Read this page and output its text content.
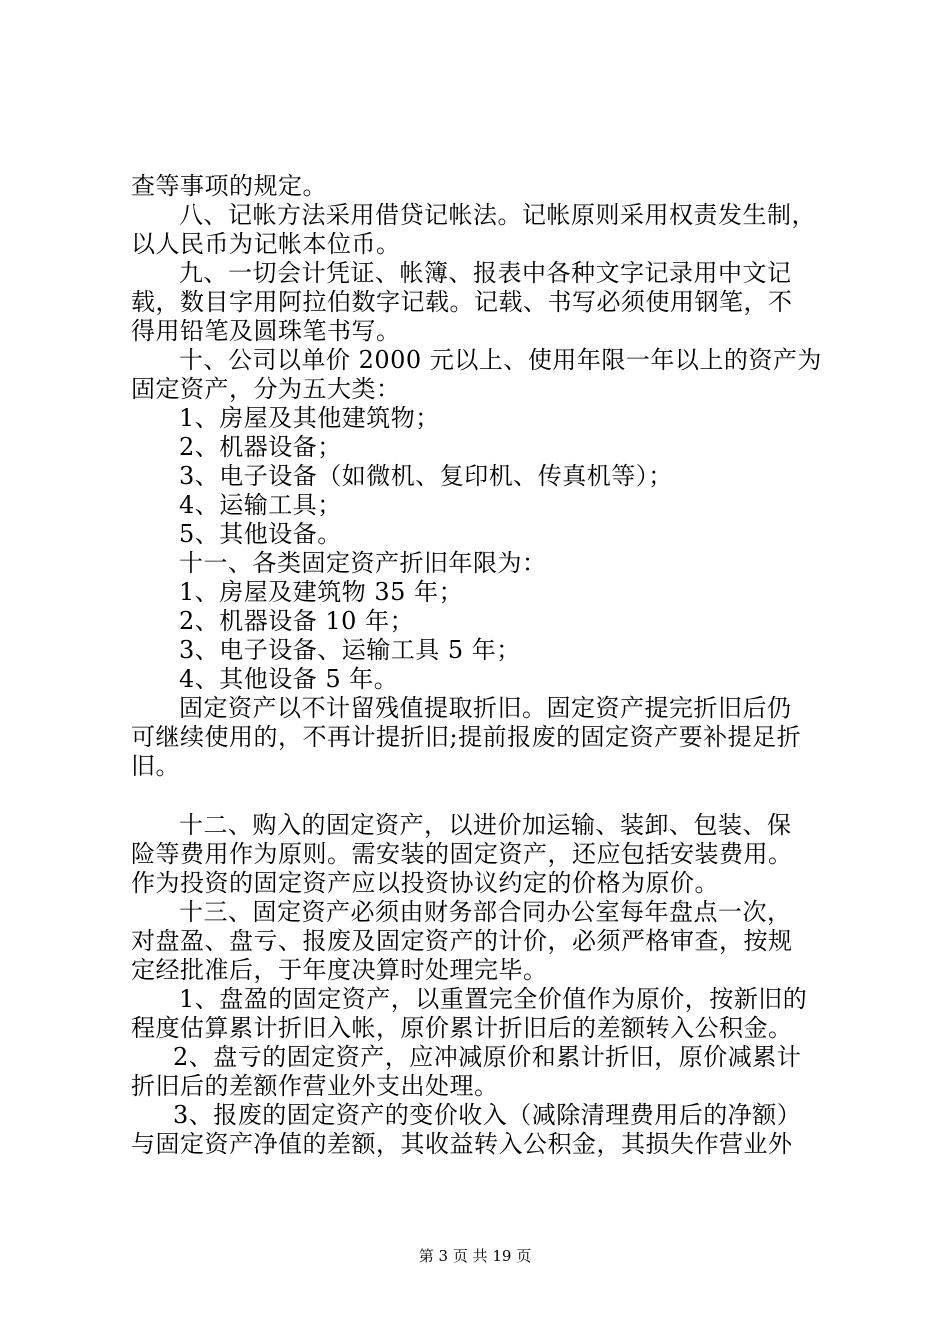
查等事项的规定。
八、记帐方法采用借贷记帐法。记帐原则采用权责发生制，
以人民币为记帐本位币。
九、一切会计凭证、帐簿、报表中各种文字记录用中文记
载，数目字用阿拉伯数字记载。记载、书写必须使用钢笔，不
得用铅笔及圆珠笔书写。
十、公司以单价 2000 元以上、使用年限一年以上的资产为
固定资产，分为五大类：
1、房屋及其他建筑物；
2、机器设备；
3、电子设备（如微机、复印机、传真机等）；
4、运输工具；
5、其他设备。
十一、各类固定资产折旧年限为：
1、房屋及建筑物 35 年；
2、机器设备 10 年；
3、电子设备、运输工具 5 年；
4、其他设备 5 年。
固定资产以不计留残值提取折旧。固定资产提完折旧后仍
可继续使用的，不再计提折旧;提前报废的固定资产要补提足折
旧。
十二、购入的固定资产，以进价加运输、装卸、包装、保
险等费用作为原则。需安装的固定资产，还应包括安装费用。
作为投资的固定资产应以投资协议约定的价格为原价。
十三、固定资产必须由财务部合同办公室每年盘点一次，
对盘盈、盘亏、报废及固定资产的计价，必须严格审查，按规
定经批准后，于年度决算时处理完毕。
1、盘盈的固定资产，以重置完全价值作为原价，按新旧的
程度估算累计折旧入帐，原价累计折旧后的差额转入公积金。
2、盘亏的固定资产，应冲减原价和累计折旧，原价减累计
折旧后的差额作营业外支出处理。
3、报废的固定资产的变价收入（减除清理费用后的净额）
与固定资产净值的差额，其收益转入公积金，其损失作营业外
第 3 页 共 19 页
